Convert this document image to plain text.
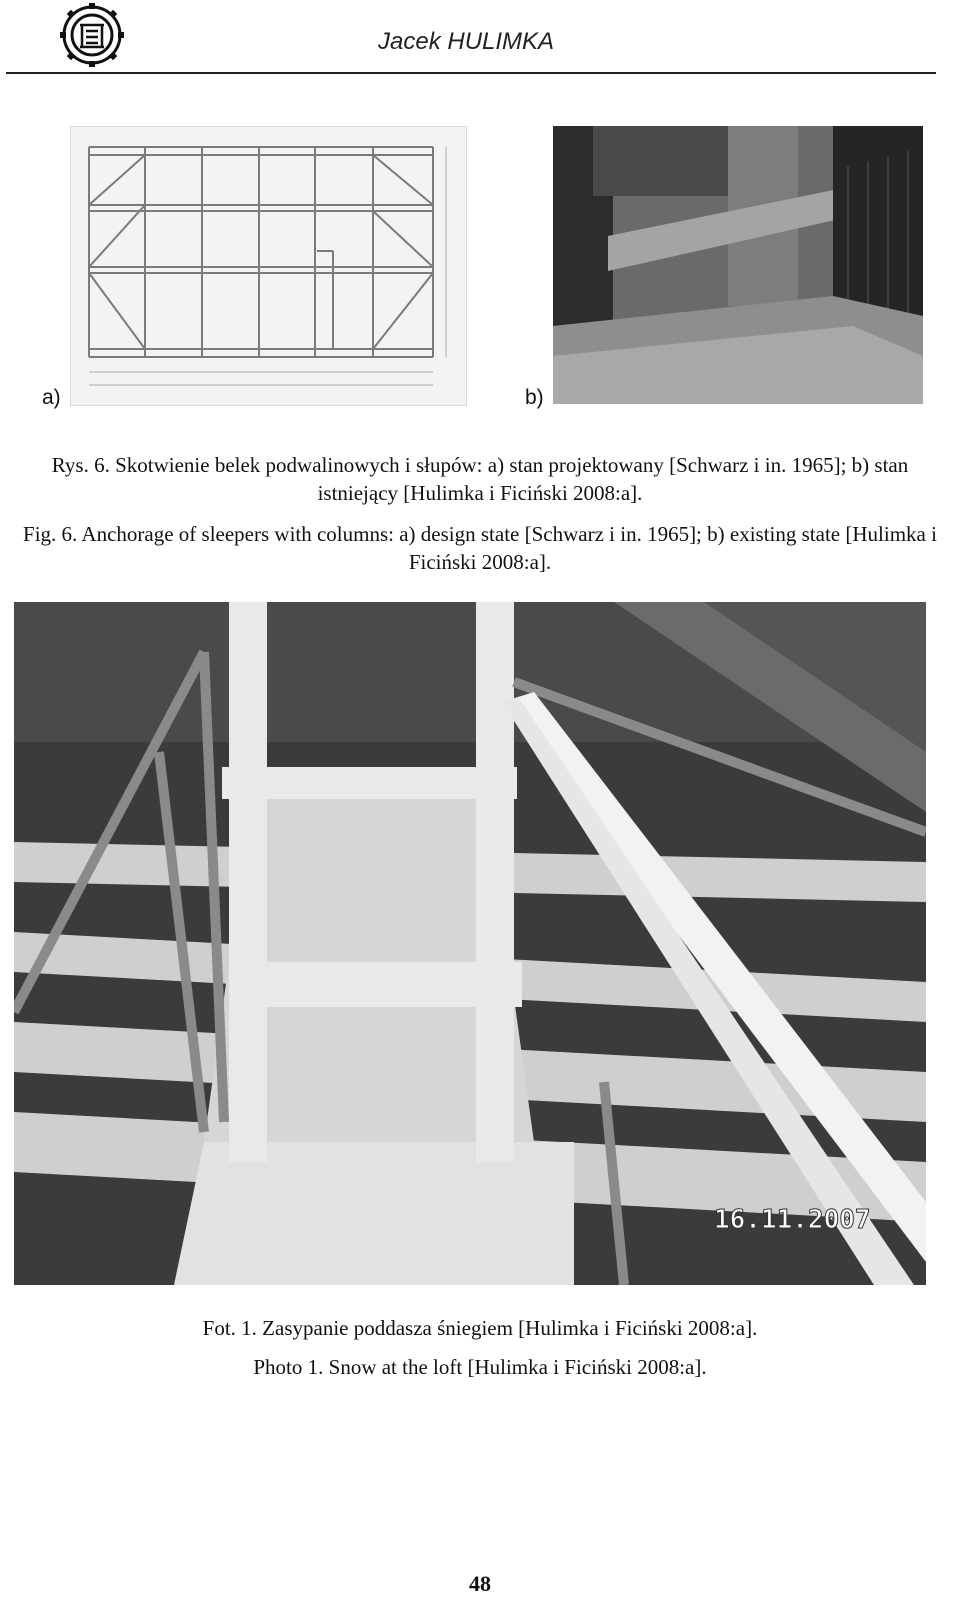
Jacek HULIMKA
a)	b)
Rys. 6. Skotwienie belek podwalinowych i słupów: a) stan projektowany [Schwarz i in. 1965]; b) stan istniejący [Hulimka i Ficiński 2008:a].
Fig. 6. Anchorage of sleepers with columns: a) design state [Schwarz i in. 1965]; b) existing state [Hulimka i Ficiński 2008:a].
16.11.2007
Fot. 1. Zasypanie poddasza śniegiem [Hulimka i Ficiński 2008:a].
Photo 1. Snow at the loft [Hulimka i Ficiński 2008:a].
48
